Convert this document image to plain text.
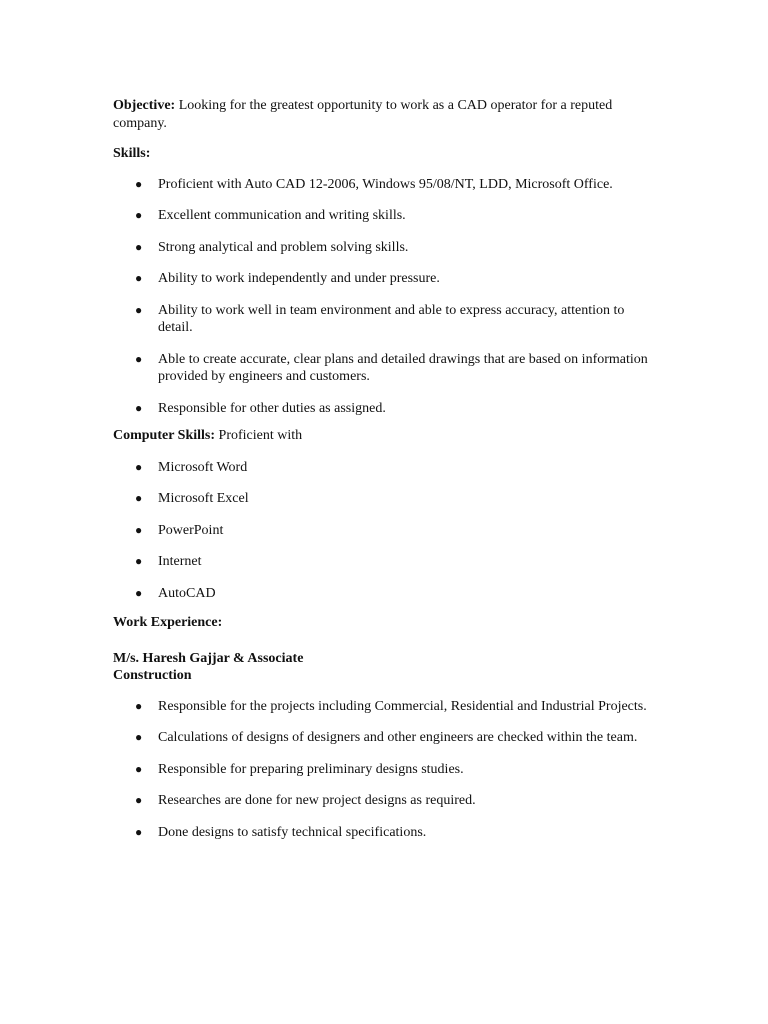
Objective: Looking for the greatest opportunity to work as a CAD operator for a reputed company.

Skills:

● Proficient with Auto CAD 12-2006, Windows 95/08/NT, LDD, Microsoft Office.
● Excellent communication and writing skills.
● Strong analytical and problem solving skills.
● Ability to work independently and under pressure.
● Ability to work well in team environment and able to express accuracy, attention to detail.
● Able to create accurate, clear plans and detailed drawings that are based on information provided by engineers and customers.
● Responsible for other duties as assigned.

Computer Skills: Proficient with

● Microsoft Word
● Microsoft Excel
● PowerPoint
● Internet
● AutoCAD

Work Experience:

M/s. Haresh Gajjar & Associate
Construction
● Responsible for the projects including Commercial, Residential and Industrial Projects.
● Calculations of designs of designers and other engineers are checked within the team.
● Responsible for preparing preliminary designs studies.
● Researches are done for new project designs as required.
● Done designs to satisfy technical specifications.
